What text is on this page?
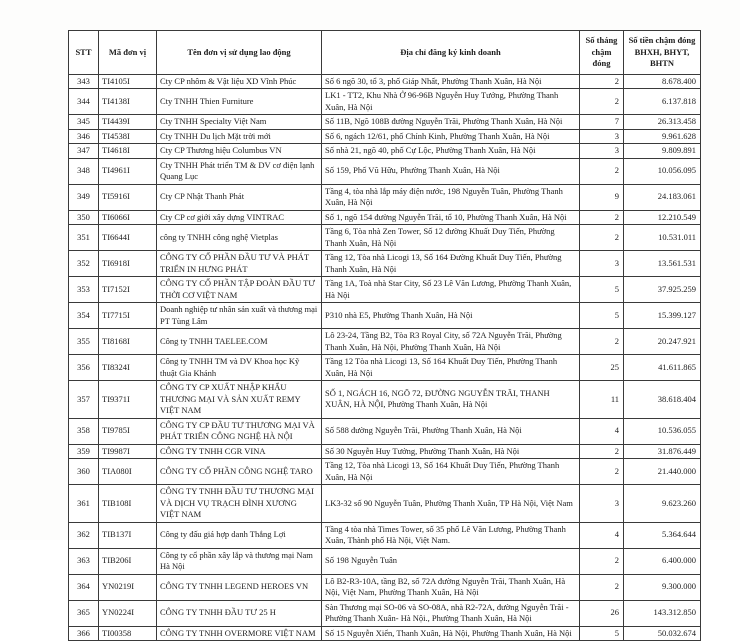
STT	Mã đơn vị	Tên đơn vị sử dụng lao động	Địa chỉ đăng ký kinh doanh	Số tháng chậm đóng	Số tiền chậm đóng BHXH, BHYT, BHTN
343	TI4105I	Cty CP nhôm & Vật liệu XD Vĩnh Phúc	Số 6 ngõ 30, tổ 3, phố Giáp Nhất, Phường Thanh Xuân, Hà Nội	2	8.678.400
344	TI4138I	Cty TNHH Thien Furniture	LK1 - TT2, Khu Nhà Ở 96-96B Nguyễn Huy Tưởng, Phường Thanh Xuân, Hà Nội	2	6.137.818
345	TI4439I	Cty TNHH Specialty Việt Nam	Số 11B, Ngõ 108B đường Nguyễn Trãi, Phường Thanh Xuân, Hà Nội	7	26.313.458
346	TI4538I	Cty TNHH Du lịch Mặt trời mới	Số 6, ngách 12/61, phố Chính Kinh, Phường Thanh Xuân, Hà Nội	3	9.961.628
347	TI4618I	Cty CP Thương hiệu Columbus VN	Số nhà 21, ngõ 40, phố Cự Lộc, Phường Thanh Xuân, Hà Nội	3	9.809.891
348	TI4961I	Cty TNHH Phát triển TM & DV cơ điện lạnh Quang Lục	Số 159, Phố Vũ Hữu, Phường Thanh Xuân, Hà Nội	2	10.056.095
349	TI5916I	Cty CP Nhật Thanh Phát	Tầng 4, tòa nhà lắp máy điện nước, 198 Nguyễn Tuân, Phường Thanh Xuân, Hà Nội	9	24.183.061
350	TI6066I	Cty CP cơ giới xây dựng VINTRAC	Số 1, ngõ 154 đường Nguyễn Trãi, tổ 10, Phường Thanh Xuân, Hà Nội	2	12.210.549
351	TI6644I	công ty TNHH công nghệ Vietplas	Tầng 6, Tòa nhà Zen Tower, Số 12 đường Khuất Duy Tiến, Phường Thanh Xuân, Hà Nội	2	10.531.011
352	TI6918I	CÔNG TY CỔ PHẦN ĐẦU TƯ VÀ PHÁT TRIỂN IN HƯNG PHÁT	Tầng 12, Tòa nhà Licogi 13, Số 164 Đường Khuất Duy Tiến, Phường Thanh Xuân, Hà Nội	3	13.561.531
353	TI7152I	CÔNG TY CỔ PHẦN TẬP ĐOÀN ĐẦU TƯ THỜI CƠ VIỆT NAM	Tầng 1A, Toà nhà Star City, Số 23 Lê Văn Lương, Phường Thanh Xuân, Hà Nội	5	37.925.259
354	TI7715I	Doanh nghiệp tư nhân sản xuất và thương mại PT Tùng Lâm	P310 nhà E5, Phường Thanh Xuân, Hà Nội	5	15.399.127
355	TI8168I	Công ty TNHH TAELEE.COM	Lô 23-24, Tầng B2, Tòa R3 Royal City, số 72A Nguyễn Trãi, Phường Thanh Xuân, Hà Nội, Phường Thanh Xuân, Hà Nội	2	20.247.921
356	TI8324I	Công ty TNHH TM và DV Khoa học Kỹ thuật Gia Khánh	Tầng 12 Tòa nhà Licogi 13, Số 164 Khuất Duy Tiến, Phường Thanh Xuân, Hà Nội	25	41.611.865
357	TI9371I	CÔNG TY CP XUẤT NHẬP KHẨU THƯƠNG MẠI VÀ SẢN XUẤT REMY VIỆT NAM	SỐ 1, NGÁCH 16, NGÕ 72, ĐƯỜNG NGUYỄN TRÃI, THANH XUÂN, HÀ NỘI, Phường Thanh Xuân, Hà Nội	11	38.618.404
358	TI9785I	CÔNG TY CP ĐẦU TƯ THƯƠNG MẠI VÀ PHÁT TRIỂN CÔNG NGHỆ HÀ NỘI	Số 588 đường Nguyễn Trãi, Phường Thanh Xuân, Hà Nội	4	10.536.055
359	TI9987I	CÔNG TY TNHH CGR VINA	Số 30 Nguyễn Huy Tưởng, Phường Thanh Xuân, Hà Nội	2	31.876.449
360	TIA080I	CÔNG TY CỔ PHẦN CÔNG NGHỆ TARO	Tầng 12, Tòa nhà Licogi 13, Số 164 Khuất Duy Tiến, Phường Thanh Xuân, Hà Nội	2	21.440.000
361	TIB108I	CÔNG TY TNHH ĐẦU TƯ THƯƠNG MẠI VÀ DỊCH VỤ TRẠCH ĐÌNH XƯƠNG VIỆT NAM	LK3-32 số 90 Nguyễn Tuân, Phường Thanh Xuân, TP Hà Nội, Việt Nam	3	9.623.260
362	TIB137I	Công ty đấu giá hợp danh Thắng Lợi	Tầng 4 tòa nhà Times Tower, số 35 phố Lê Văn Lương, Phường Thanh Xuân, Thành phố Hà Nội, Việt Nam.	4	5.364.644
363	TIB206I	Công ty cổ phần xây lắp và thương mại Nam Hà Nội	Số 198 Nguyễn Tuân	2	6.400.000
364	YN0219I	CÔNG TY TNHH LEGEND HEROES VN	Lô B2-R3-10A, tầng B2, số 72A đường Nguyễn Trãi, Thanh Xuân, Hà Nội, Việt Nam, Phường Thanh Xuân, Hà Nội	2	9.300.000
365	YN0224I	CÔNG TY TNHH ĐẦU TƯ 25 H	Sàn Thương mại SO-06 và SO-08A, nhà R2-72A, đường Nguyễn Trãi - Phường Thanh Xuân- Hà Nội., Phường Thanh Xuân, Hà Nội	26	143.312.850
366	TI00358	CÔNG TY TNHH OVERMORE VIỆT NAM	Số 15 Nguyễn Xiển, Thanh Xuân, Hà Nội, Phường Thanh Xuân, Hà Nội	5	50.032.674
